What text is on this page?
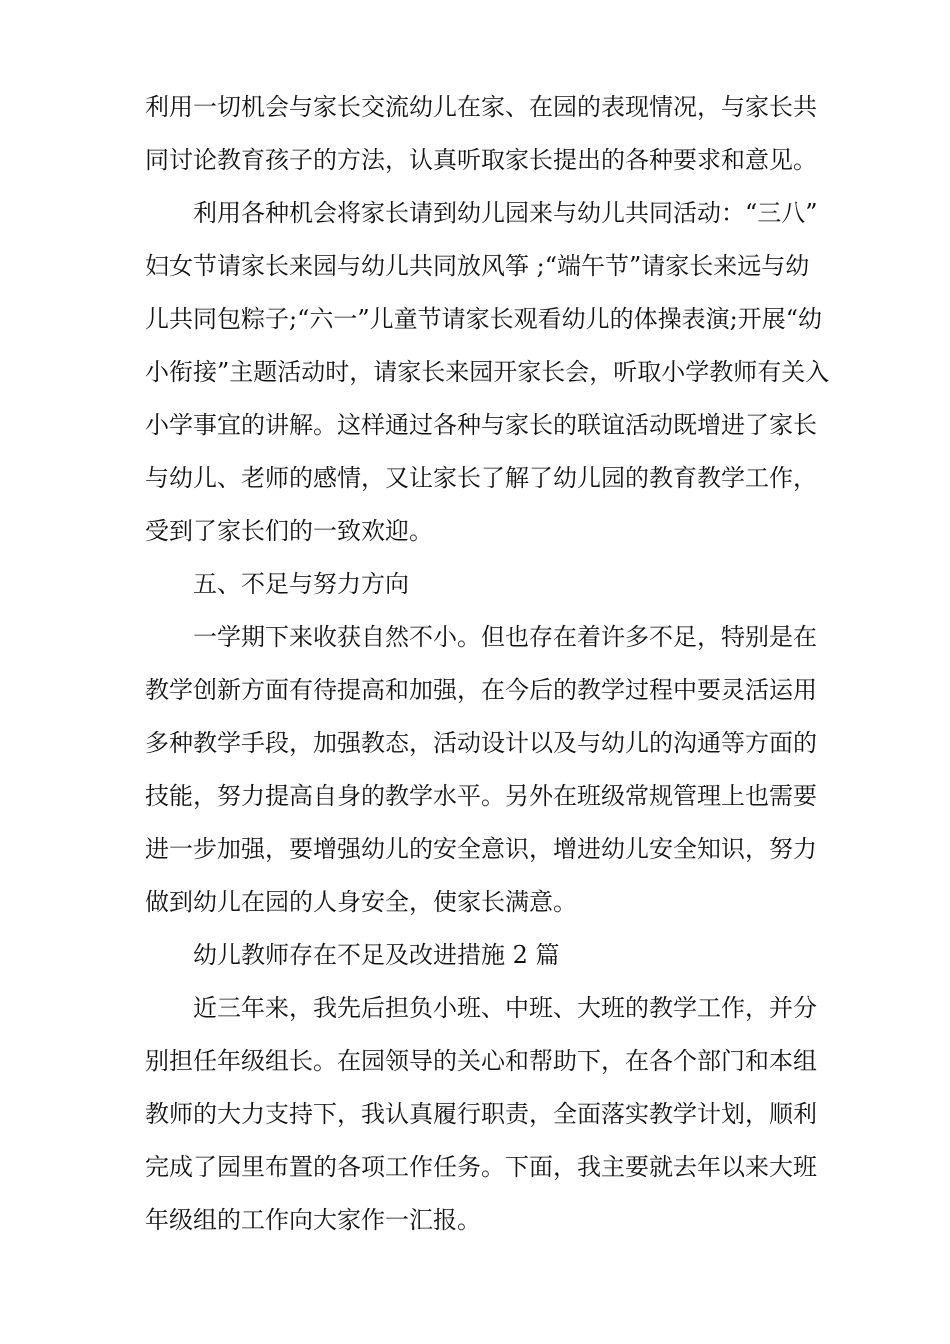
利用一切机会与家长交流幼儿在家、在园的表现情况，与家长共
同讨论教育孩子的方法，认真听取家长提出的各种要求和意见。
利用各种机会将家长请到幼儿园来与幼儿共同活动：“三八”
妇女节请家长来园与幼儿共同放风筝 ;“端午节”请家长来远与幼
儿共同包粽子;“六一”儿童节请家长观看幼儿的体操表演;开展“幼
小衔接”主题活动时，请家长来园开家长会，听取小学教师有关入
小学事宜的讲解。这样通过各种与家长的联谊活动既增进了家长
与幼儿、老师的感情，又让家长了解了幼儿园的教育教学工作，
受到了家长们的一致欢迎。
五、不足与努力方向
一学期下来收获自然不小。但也存在着许多不足，特别是在
教学创新方面有待提高和加强，在今后的教学过程中要灵活运用
多种教学手段，加强教态，活动设计以及与幼儿的沟通等方面的
技能，努力提高自身的教学水平。另外在班级常规管理上也需要
进一步加强，要增强幼儿的安全意识，增进幼儿安全知识，努力
做到幼儿在园的人身安全，使家长满意。
幼儿教师存在不足及改进措施 2 篇
近三年来，我先后担负小班、中班、大班的教学工作，并分
别担任年级组长。在园领导的关心和帮助下，在各个部门和本组
教师的大力支持下，我认真履行职责，全面落实教学计划，顺利
完成了园里布置的各项工作任务。下面，我主要就去年以来大班
年级组的工作向大家作一汇报。
